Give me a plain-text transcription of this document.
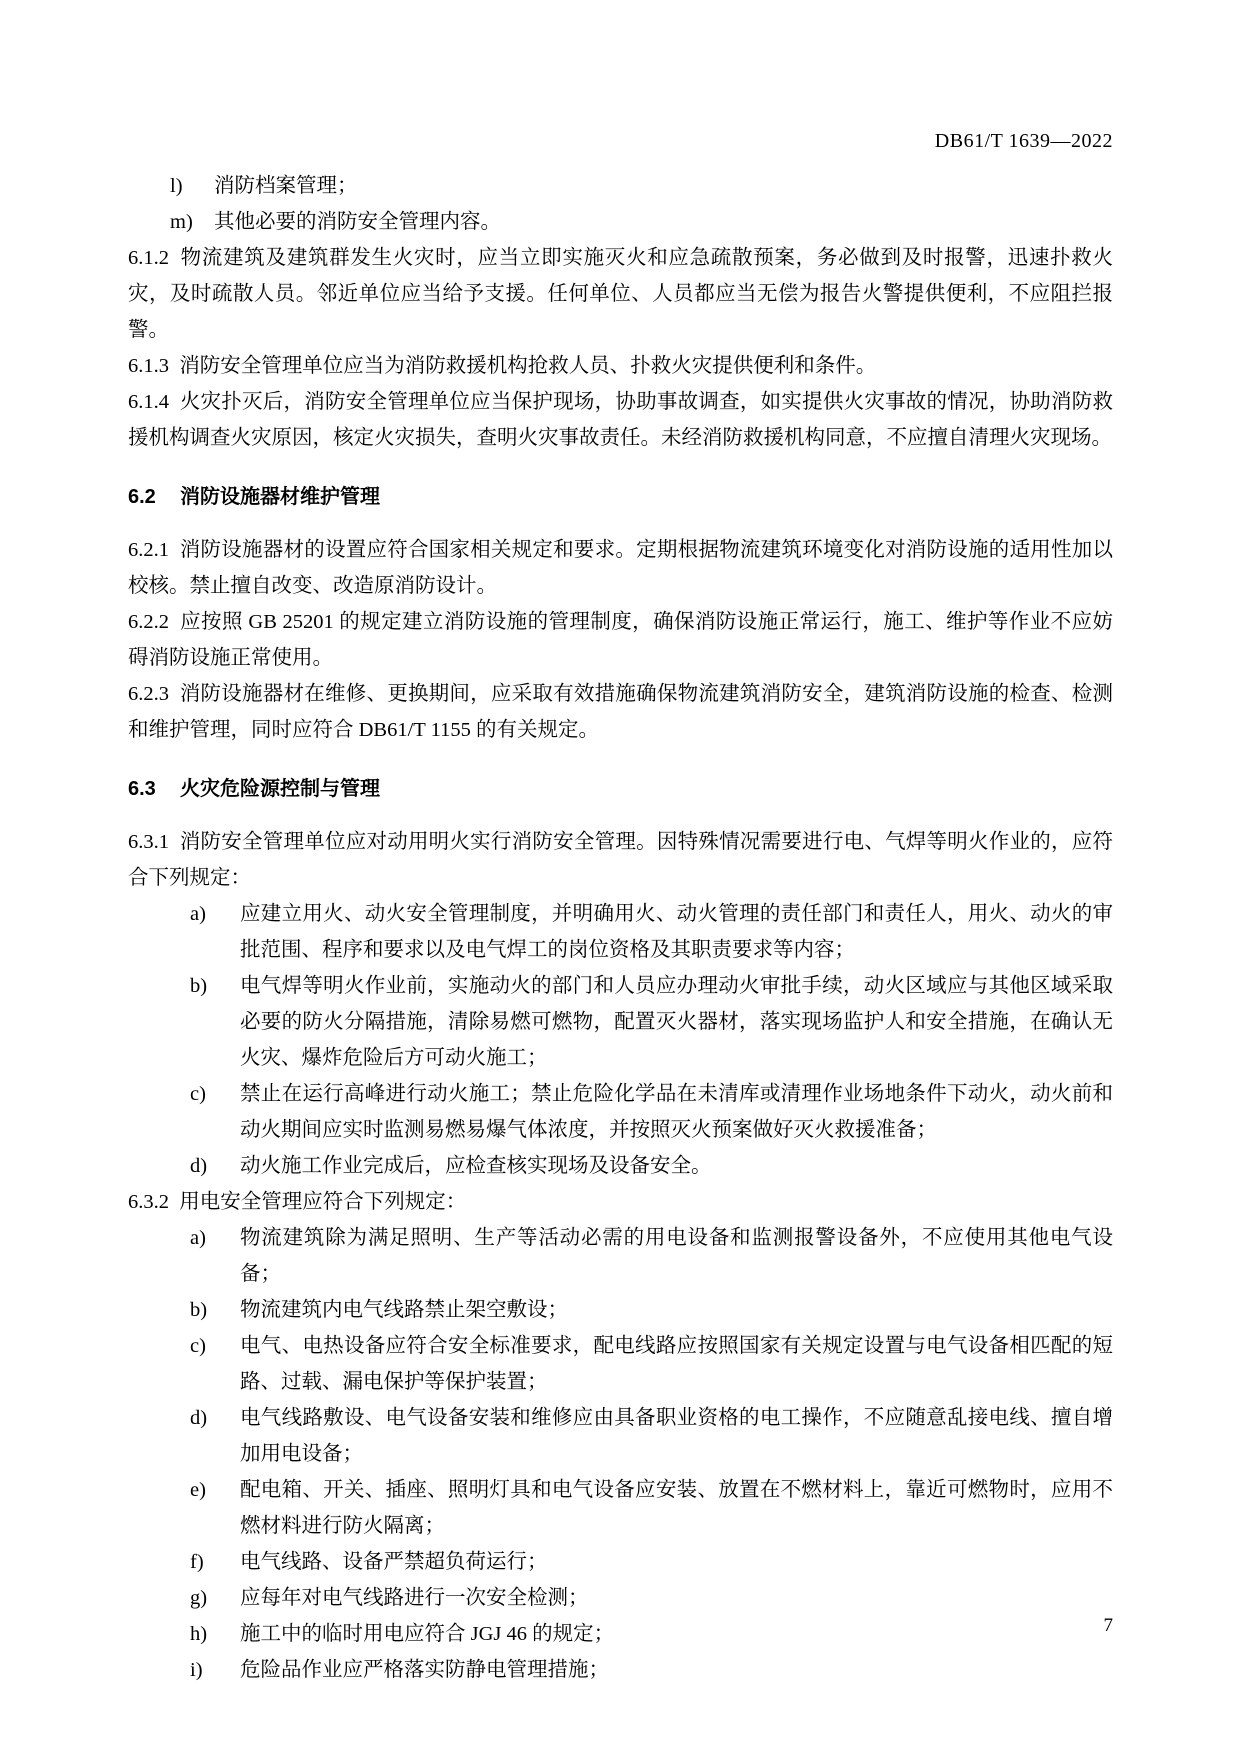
DB61/T 1639—2022
l)	消防档案管理；
m)	其他必要的消防安全管理内容。

6.1.2 物流建筑及建筑群发生火灾时，应当立即实施灭火和应急疏散预案，务必做到及时报警，迅速扑救火灾，及时疏散人员。邻近单位应当给予支援。任何单位、人员都应当无偿为报告火警提供便利，不应阻拦报警。

6.1.3 消防安全管理单位应当为消防救援机构抢救人员、扑救火灾提供便利和条件。

6.1.4 火灾扑灭后，消防安全管理单位应当保护现场，协助事故调查，如实提供火灾事故的情况，协助消防救援机构调查火灾原因，核定火灾损失，查明火灾事故责任。未经消防救援机构同意，不应擅自清理火灾现场。

6.2 消防设施器材维护管理

6.2.1 消防设施器材的设置应符合国家相关规定和要求。定期根据物流建筑环境变化对消防设施的适用性加以校核。禁止擅自改变、改造原消防设计。

6.2.2 应按照 GB 25201 的规定建立消防设施的管理制度，确保消防设施正常运行，施工、维护等作业不应妨碍消防设施正常使用。

6.2.3 消防设施器材在维修、更换期间，应采取有效措施确保物流建筑消防安全，建筑消防设施的检查、检测和维护管理，同时应符合 DB61/T 1155 的有关规定。

6.3 火灾危险源控制与管理

6.3.1 消防安全管理单位应对动用明火实行消防安全管理。因特殊情况需要进行电、气焊等明火作业的，应符合下列规定：

a)	应建立用火、动火安全管理制度，并明确用火、动火管理的责任部门和责任人，用火、动火的审批范围、程序和要求以及电气焊工的岗位资格及其职责要求等内容；
b)	电气焊等明火作业前，实施动火的部门和人员应办理动火审批手续，动火区域应与其他区域采取必要的防火分隔措施，清除易燃可燃物，配置灭火器材，落实现场监护人和安全措施，在确认无火灾、爆炸危险后方可动火施工；
c)	禁止在运行高峰进行动火施工；禁止危险化学品在未清库或清理作业场地条件下动火，动火前和动火期间应实时监测易燃易爆气体浓度，并按照灭火预案做好灭火救援准备；
d)	动火施工作业完成后，应检查核实现场及设备安全。

6.3.2 用电安全管理应符合下列规定：

a)	物流建筑除为满足照明、生产等活动必需的用电设备和监测报警设备外，不应使用其他电气设备；
b)	物流建筑内电气线路禁止架空敷设；
c)	电气、电热设备应符合安全标准要求，配电线路应按照国家有关规定设置与电气设备相匹配的短路、过载、漏电保护等保护装置；
d)	电气线路敷设、电气设备安装和维修应由具备职业资格的电工操作，不应随意乱接电线、擅自增加用电设备；
e)	配电箱、开关、插座、照明灯具和电气设备应安装、放置在不燃材料上，靠近可燃物时，应用不燃材料进行防火隔离；
f)	电气线路、设备严禁超负荷运行；
g)	应每年对电气线路进行一次安全检测；
h)	施工中的临时用电应符合 JGJ 46 的规定；
i)	危险品作业应严格落实防静电管理措施；
7
